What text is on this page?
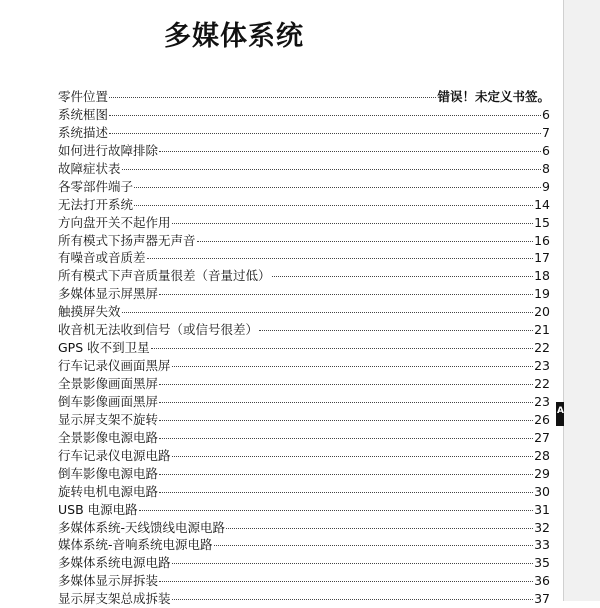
多媒体系统
零件位置	错误！未定义书签。
系统框图	6
系统描述	7
如何进行故障排除	6
故障症状表	8
各零部件端子	9
无法打开系统	14
方向盘开关不起作用	15
所有模式下扬声器无声音	16
有噪音或音质差	17
所有模式下声音质量很差（音量过低）	18
多媒体显示屏黑屏	19
触摸屏失效	20
收音机无法收到信号（或信号很差）	21
GPS 收不到卫星	22
行车记录仪画面黑屏	23
全景影像画面黑屏	22
倒车影像画面黑屏	23
显示屏支架不旋转	26
全景影像电源电路	27
行车记录仪电源电路	28
倒车影像电源电路	29
旋转电机电源电路	30
USB 电源电路	31
多媒体系统-天线馈线电源电路	32
媒体系统-音响系统电源电路	33
多媒体系统电源电路	35
多媒体显示屏拆装	36
显示屏支架总成拆装	37
A
